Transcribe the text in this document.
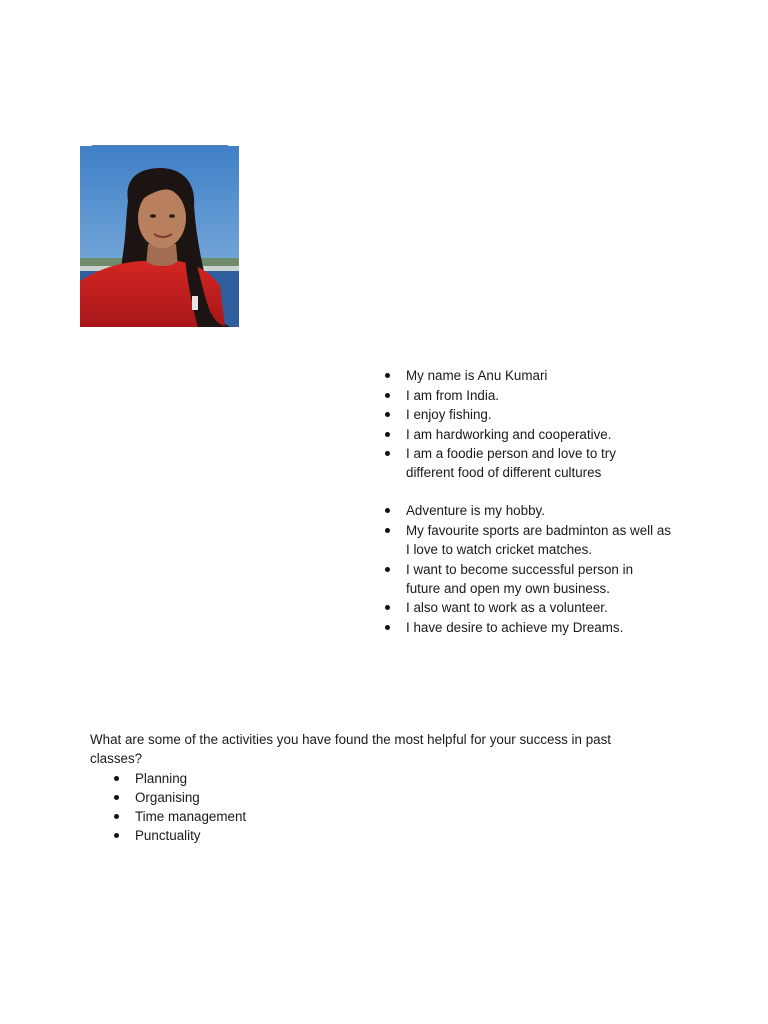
My name is Anu Kumari
I am from India.
I enjoy fishing.
I am hardworking and cooperative.
I am a foodie person and love to try different food of different cultures
Adventure is my hobby.
My favourite sports are badminton as well as I love to watch cricket matches.
I want to become successful person in future and open my own business.
I also want to work as a volunteer.
I have desire to achieve my Dreams.
What are some of the activities you have found the most helpful for your success in past classes?
Planning
Organising
Time management
Punctuality
